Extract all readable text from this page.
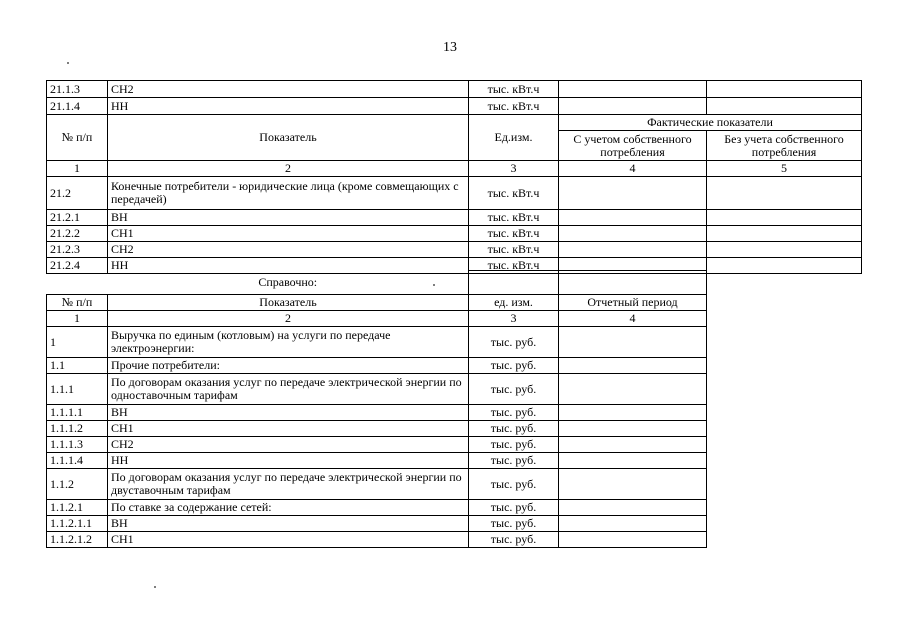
13
21.1.3	СН2	тыс. кВт.ч		
21.1.4	НН	тыс. кВт.ч		
№ п/п	Показатель	Ед.изм.	Фактические показатели	
			С учетом собственного потребления	Без учета собственного потребления
1	2	3	4	5
21.2	Конечные потребители - юридические лица (кроме совмещающих с передачей)	тыс. кВт.ч		
21.2.1	ВН	тыс. кВт.ч		
21.2.2	СН1	тыс. кВт.ч		
21.2.3	СН2	тыс. кВт.ч		
21.2.4	НН	тыс. кВт.ч		
	Справочно:		
№ п/п	Показатель	ед. изм.	Отчетный период
1	2	3	4
1	Выручка по единым (котловым) на услуги по передаче электроэнергии:	тыс. руб.	
1.1	Прочие потребители:	тыс. руб.	
1.1.1	По договорам оказания услуг по передаче электрической энергии по одноставочным тарифам	тыс. руб.	
1.1.1.1	ВН	тыс. руб.	
1.1.1.2	СН1	тыс. руб.	
1.1.1.3	СН2	тыс. руб.	
1.1.1.4	НН	тыс. руб.	
1.1.2	По договорам оказания услуг по передаче электрической энергии по двуставочным тарифам	тыс. руб.	
1.1.2.1	По ставке за содержание сетей:	тыс. руб.	
1.1.2.1.1	ВН	тыс. руб.	
1.1.2.1.2	СН1	тыс. руб.	
